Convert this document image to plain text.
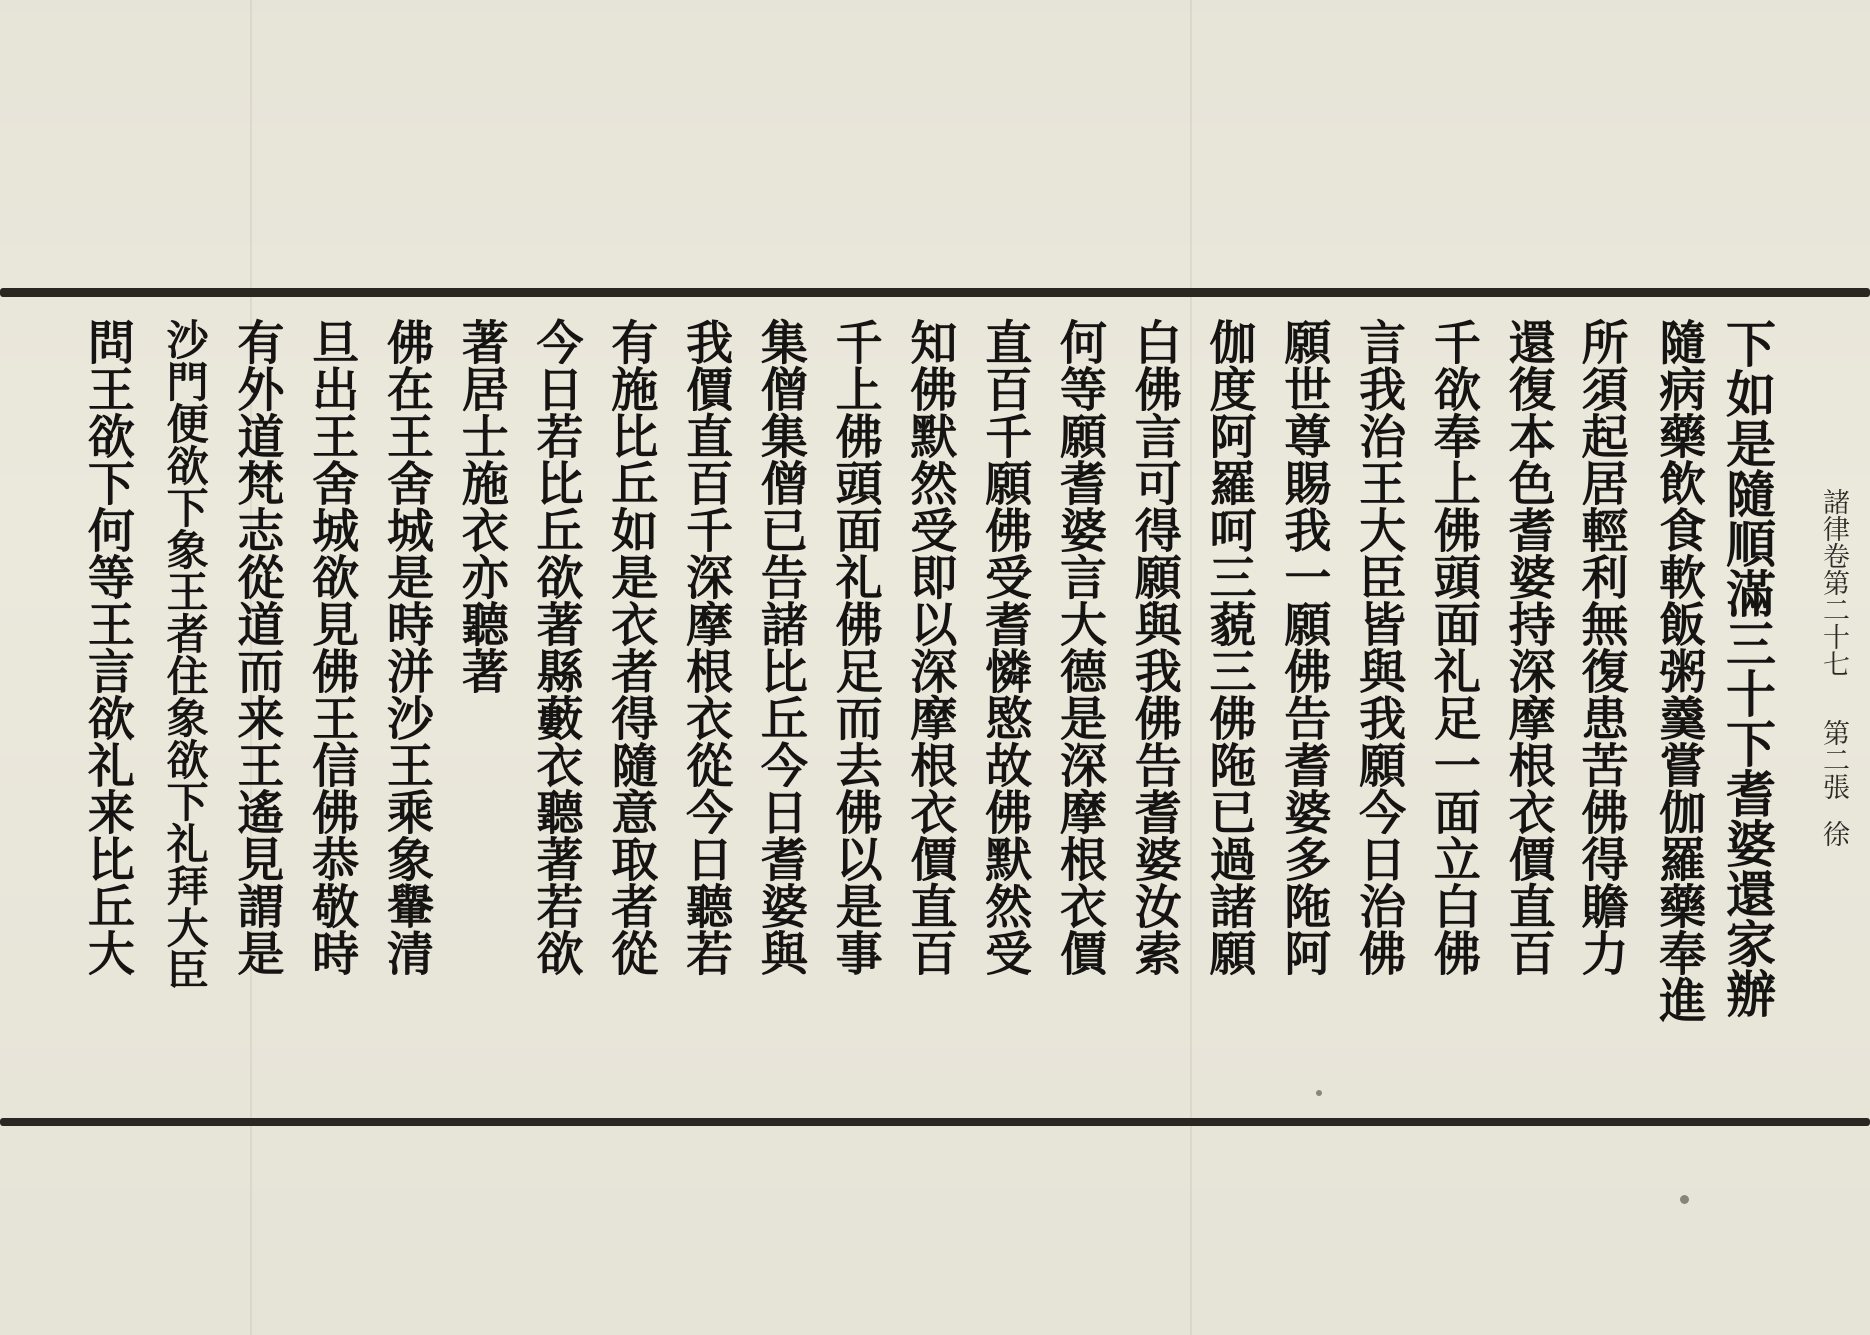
諸律卷第二十七第二張徐
下如是隨順滿三十下耆婆還家辦
隨病藥飲食軟飯粥羹嘗伽羅藥奉進
所須起居輕利無復患苦佛得贍力
還復本色耆婆持深摩根衣價直百
千欲奉上佛頭面礼足一面立白佛
言我治王大臣皆與我願今日治佛
願世尊賜我一願佛告耆婆多陁阿
伽度阿羅呵三藐三佛陁已過諸願
白佛言可得願與我佛告耆婆汝索
何等願耆婆言大德是深摩根衣價
直百千願佛受耆憐愍故佛默然受
知佛默然受即以深摩根衣價直百
千上佛頭面礼佛足而去佛以是事
集僧集僧已告諸比丘今日耆婆與
我價直百千深摩根衣從今日聽若
有施比丘如是衣者得隨意取者從
今日若比丘欲著縣藪衣聽著若欲
著居士施衣亦聽著
佛在王舍城是時洴沙王乘象轝清
旦出王舍城欲見佛王信佛恭敬時
有外道梵志從道而来王遙見謂是
沙門便欲下象王者住象欲下礼拜大臣
問王欲下何等王言欲礼来比丘大
